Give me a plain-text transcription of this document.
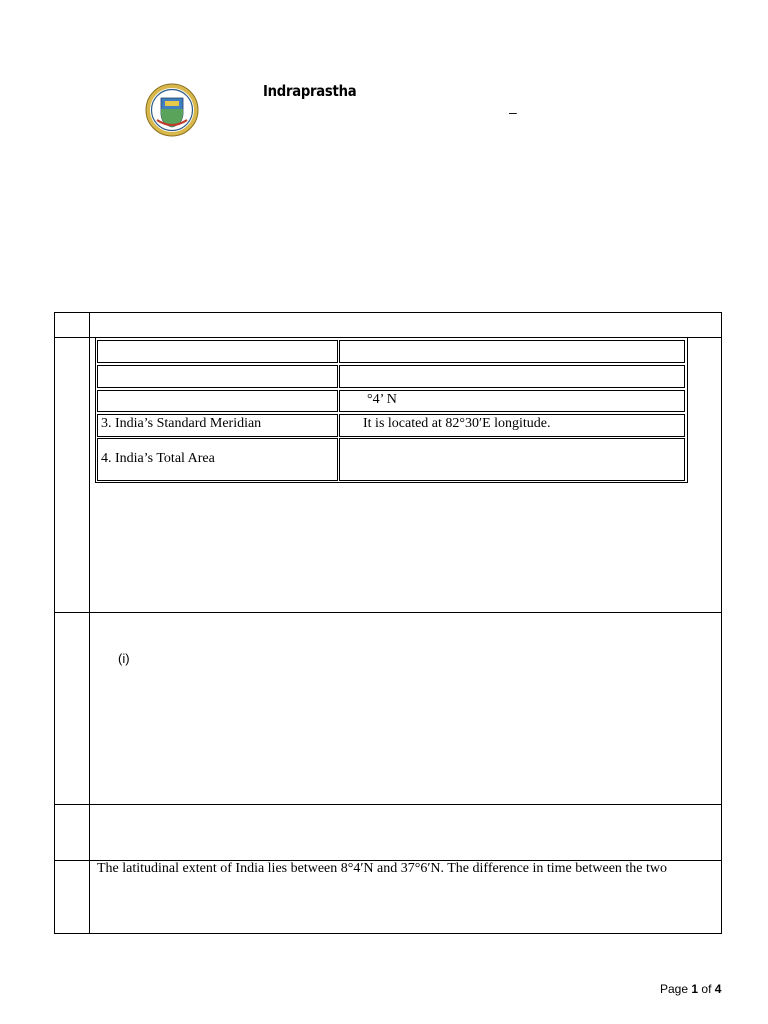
Indraprastha
–
°4’ N
3. India’s Standard Meridian	It is located at 82°30′E longitude.
4. India’s Total Area
(i)
The latitudinal extent of India lies between 8°4′N and 37°6′N. The difference in time between the two
Page 1 of 4
